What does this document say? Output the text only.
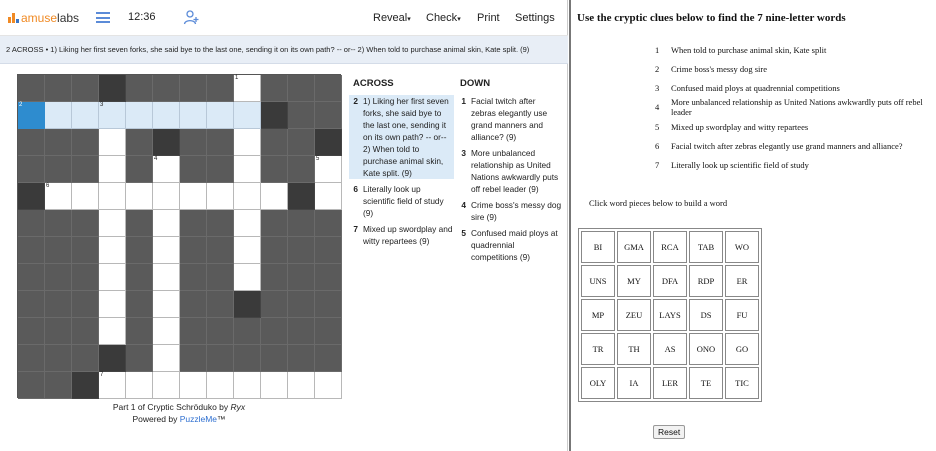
amuselabs	12:36	Reveal▾ Check▾ Print Settings
2 ACROSS • 1) Liking her first seven forks, she said bye to the last one, sending it on its own path? -- or-- 2) When told to purchase animal skin, Kate split. (9)
1
2	3
4	5
6
7
Part 1 of Cryptic Schröduko by Ryx
Powered by PuzzleMe™
ACROSS	DOWN
2 1) Liking her first seven forks, she said bye to the last one, sending it on its own path? -- or-- 2) When told to purchase animal skin, Kate split. (9)
6 Literally look up scientific field of study (9)
7 Mixed up swordplay and witty repartees (9)
1 Facial twitch after zebras elegantly use grand manners and alliance? (9)
3 More unbalanced relationship as United Nations awkwardly puts off rebel leader (9)
4 Crime boss's messy dog sire (9)
5 Confused maid ploys at quadrennial competitions (9)
Use the cryptic clues below to find the 7 nine-letter words
1	When told to purchase animal skin, Kate split
2	Crime boss's messy dog sire
3	Confused maid ploys at quadrennial competitions
4	More unbalanced relationship as United Nations awkwardly puts off rebel leader
5	Mixed up swordplay and witty repartees
6	Facial twitch after zebras elegantly use grand manners and alliance?
7	Literally look up scientific field of study
Click word pieces below to build a word
BI	GMA	RCA	TAB	WO
UNS	MY	DFA	RDP	ER
MP	ZEU	LAYS	DS	FU
TR	TH	AS	ONO	GO
OLY	IA	LER	TE	TIC
Reset
